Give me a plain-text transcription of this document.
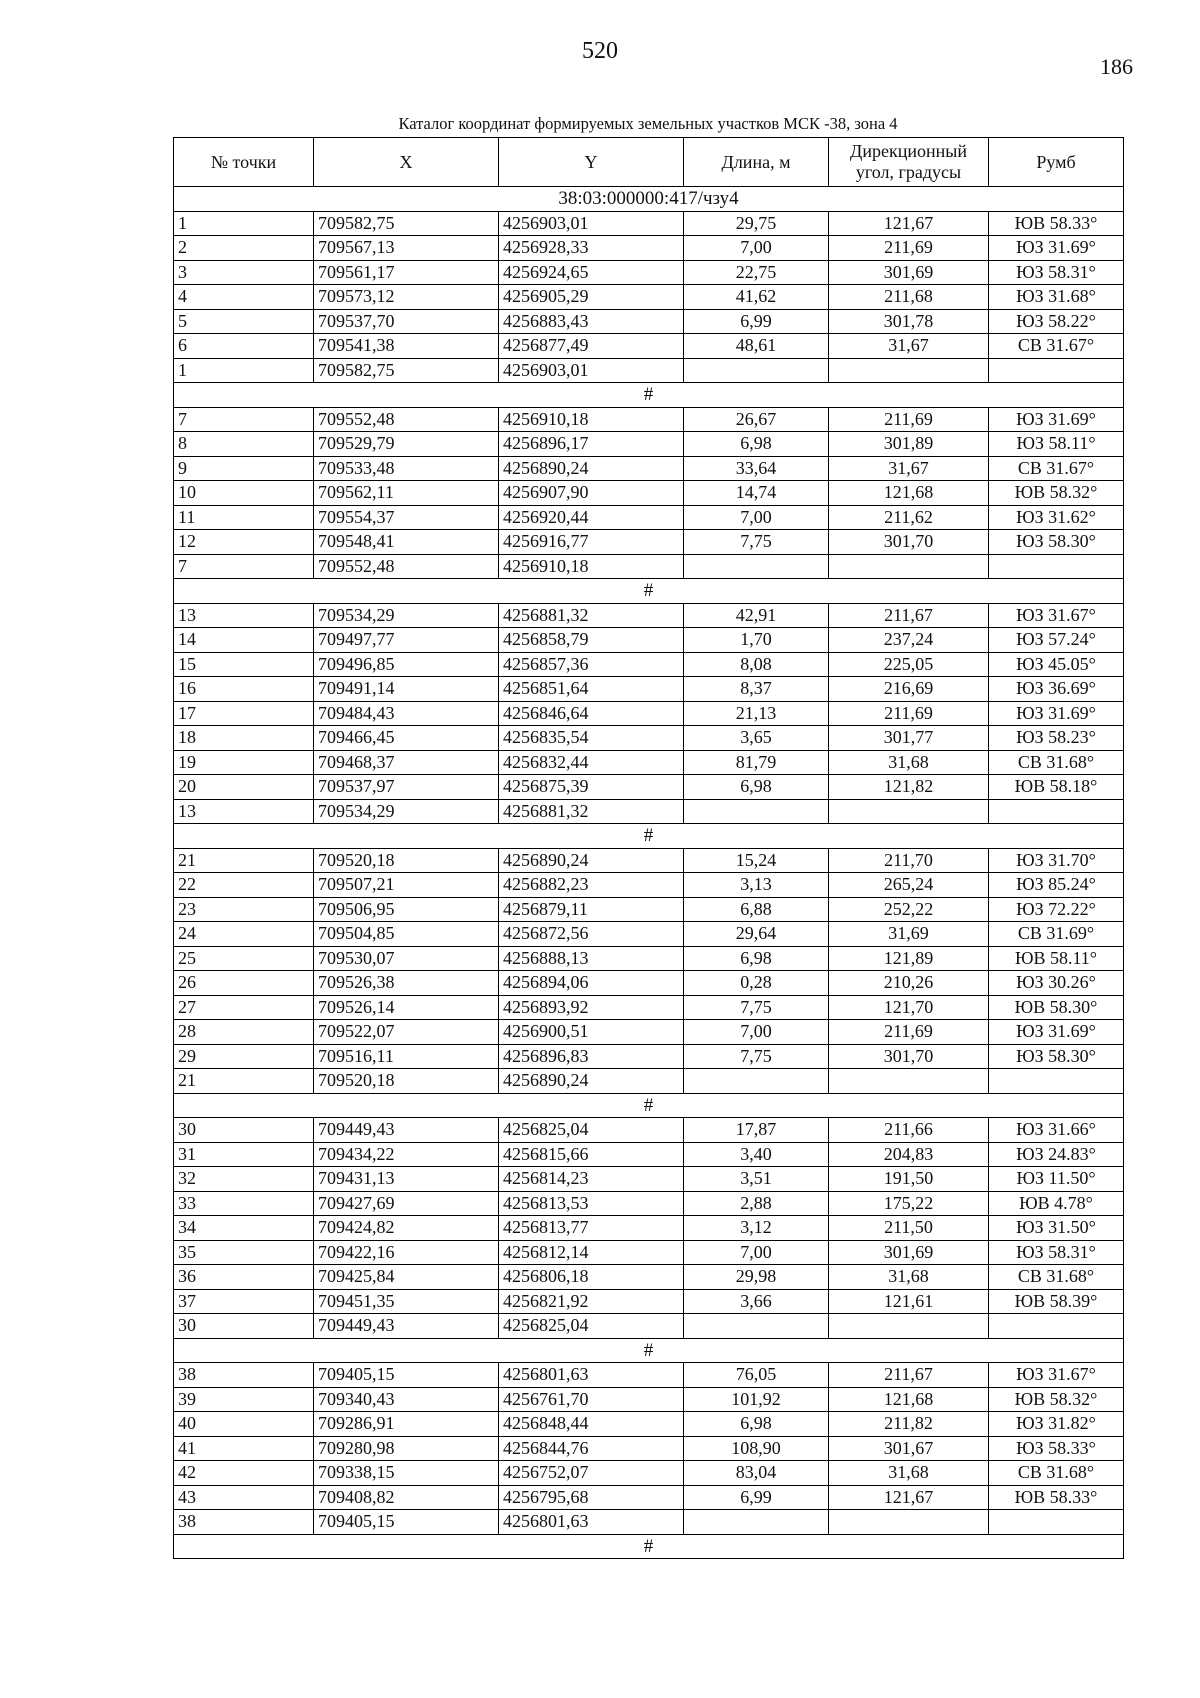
520
186
Каталог координат формируемых земельных участков МСК -38, зона 4
№ точки	X	Y	Длина, м	Дирекционный угол, градусы	Румб
38:03:000000:417/чзу4					
1	709582,75	4256903,01	29,75	121,67	ЮВ 58.33°
2	709567,13	4256928,33	7,00	211,69	ЮЗ 31.69°
3	709561,17	4256924,65	22,75	301,69	ЮЗ 58.31°
4	709573,12	4256905,29	41,62	211,68	ЮЗ 31.68°
5	709537,70	4256883,43	6,99	301,78	ЮЗ 58.22°
6	709541,38	4256877,49	48,61	31,67	СВ 31.67°
1	709582,75	4256903,01			
#					
7	709552,48	4256910,18	26,67	211,69	ЮЗ 31.69°
8	709529,79	4256896,17	6,98	301,89	ЮЗ 58.11°
9	709533,48	4256890,24	33,64	31,67	СВ 31.67°
10	709562,11	4256907,90	14,74	121,68	ЮВ 58.32°
11	709554,37	4256920,44	7,00	211,62	ЮЗ 31.62°
12	709548,41	4256916,77	7,75	301,70	ЮЗ 58.30°
7	709552,48	4256910,18			
#					
13	709534,29	4256881,32	42,91	211,67	ЮЗ 31.67°
14	709497,77	4256858,79	1,70	237,24	ЮЗ 57.24°
15	709496,85	4256857,36	8,08	225,05	ЮЗ 45.05°
16	709491,14	4256851,64	8,37	216,69	ЮЗ 36.69°
17	709484,43	4256846,64	21,13	211,69	ЮЗ 31.69°
18	709466,45	4256835,54	3,65	301,77	ЮЗ 58.23°
19	709468,37	4256832,44	81,79	31,68	СВ 31.68°
20	709537,97	4256875,39	6,98	121,82	ЮВ 58.18°
13	709534,29	4256881,32			
#					
21	709520,18	4256890,24	15,24	211,70	ЮЗ 31.70°
22	709507,21	4256882,23	3,13	265,24	ЮЗ 85.24°
23	709506,95	4256879,11	6,88	252,22	ЮЗ 72.22°
24	709504,85	4256872,56	29,64	31,69	СВ 31.69°
25	709530,07	4256888,13	6,98	121,89	ЮВ 58.11°
26	709526,38	4256894,06	0,28	210,26	ЮЗ 30.26°
27	709526,14	4256893,92	7,75	121,70	ЮВ 58.30°
28	709522,07	4256900,51	7,00	211,69	ЮЗ 31.69°
29	709516,11	4256896,83	7,75	301,70	ЮЗ 58.30°
21	709520,18	4256890,24			
#					
30	709449,43	4256825,04	17,87	211,66	ЮЗ 31.66°
31	709434,22	4256815,66	3,40	204,83	ЮЗ 24.83°
32	709431,13	4256814,23	3,51	191,50	ЮЗ 11.50°
33	709427,69	4256813,53	2,88	175,22	ЮВ 4.78°
34	709424,82	4256813,77	3,12	211,50	ЮЗ 31.50°
35	709422,16	4256812,14	7,00	301,69	ЮЗ 58.31°
36	709425,84	4256806,18	29,98	31,68	СВ 31.68°
37	709451,35	4256821,92	3,66	121,61	ЮВ 58.39°
30	709449,43	4256825,04			
#					
38	709405,15	4256801,63	76,05	211,67	ЮЗ 31.67°
39	709340,43	4256761,70	101,92	121,68	ЮВ 58.32°
40	709286,91	4256848,44	6,98	211,82	ЮЗ 31.82°
41	709280,98	4256844,76	108,90	301,67	ЮЗ 58.33°
42	709338,15	4256752,07	83,04	31,68	СВ 31.68°
43	709408,82	4256795,68	6,99	121,67	ЮВ 58.33°
38	709405,15	4256801,63			
#					
